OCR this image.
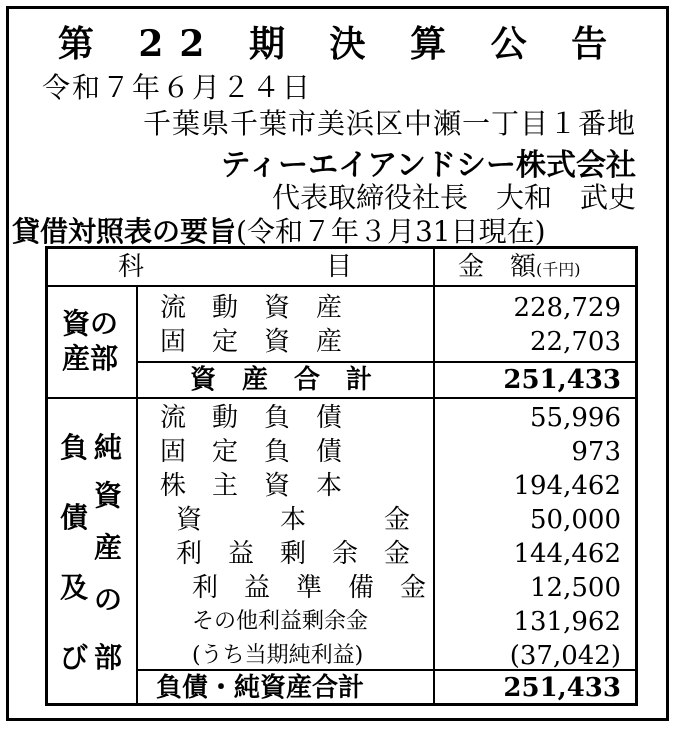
第 22 期 決 算 公 告
令和７年６月２４日
千葉県千葉市美浜区中瀬一丁目１番地
ティーエイアンドシー株式会社
代表取締役社長　大和　武史
貸借対照表の要旨(令和７年３月31日現在)
科	目	金　額(千円)
資の
産部
流　動　資　産	228,729
固　定　資　産	22,703
資　産　合　計	251,433
負
債
及
び
純
資
産
の
部
流　動　負　債	55,996
固　定　負　債	973
株　主　資　本	194,462
資　　　本　　　金	50,000
利　益　剰　余　金	144,462
利　益　準　備　金	12,500
その他利益剰余金	131,962
(うち当期純利益)	(37,042)
負債・純資産合計	251,433
